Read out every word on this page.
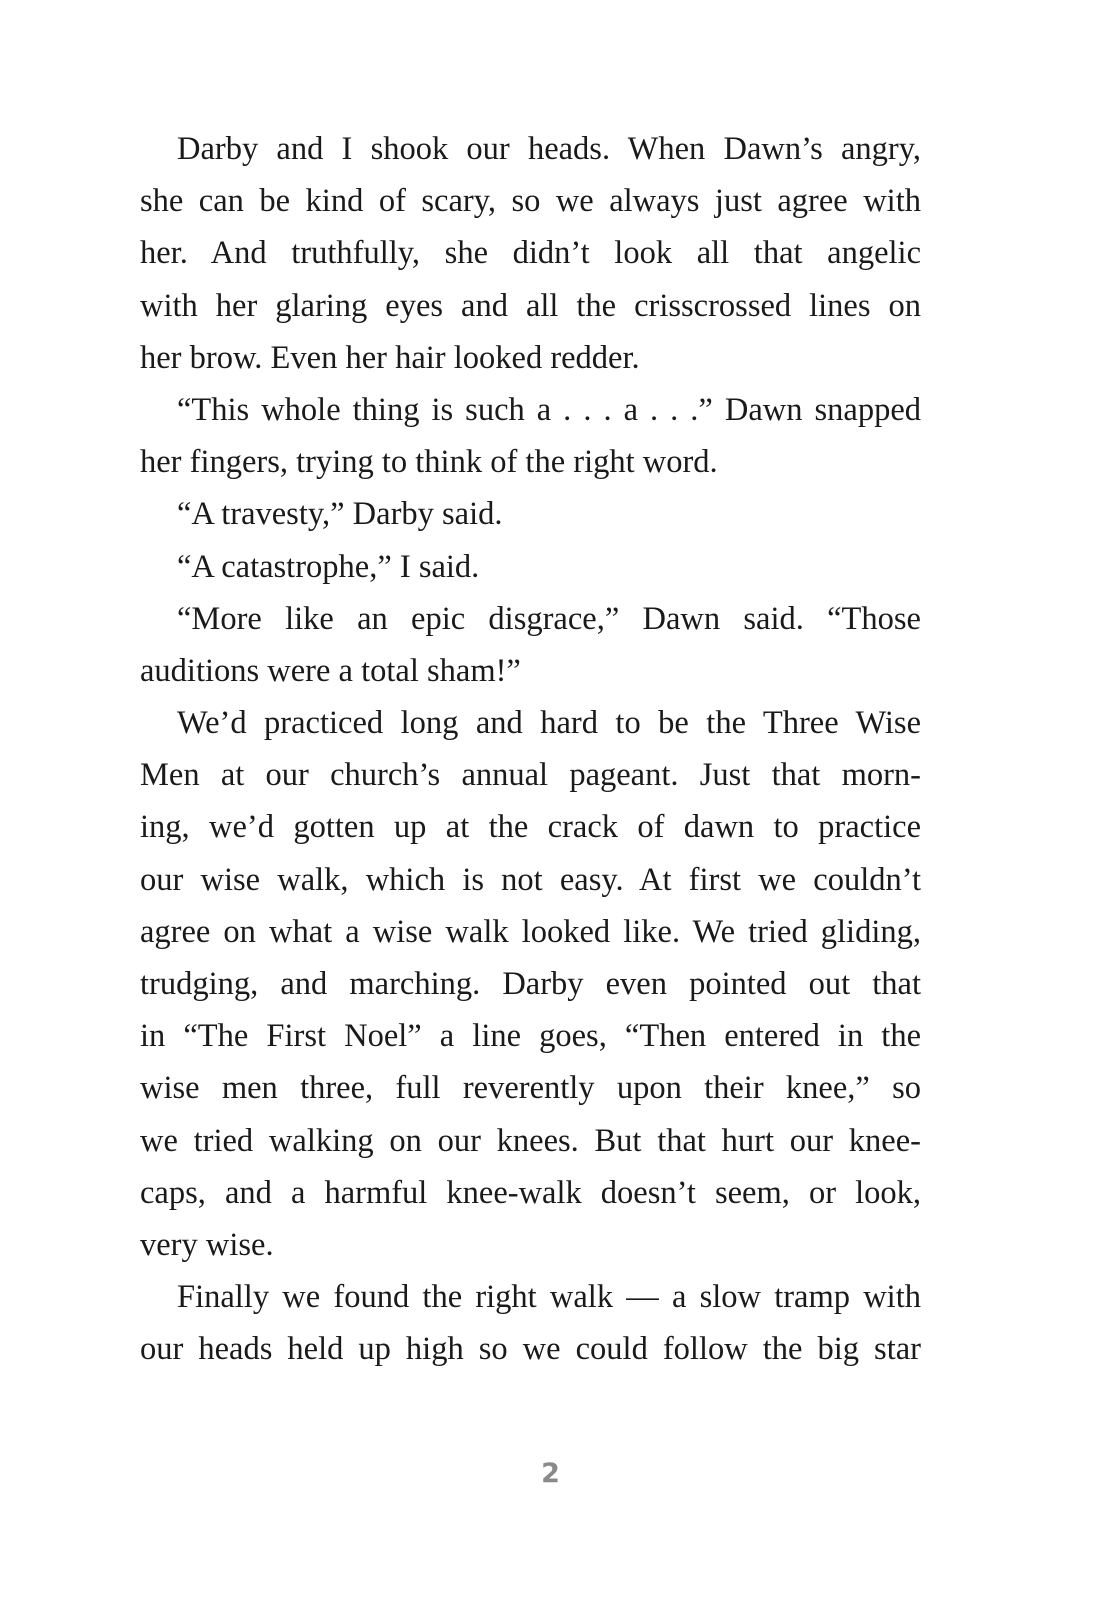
Darby and I shook our heads. When Dawn’s angry,
she can be kind of scary, so we always just agree with
her. And truthfully, she didn’t look all that angelic
with her glaring eyes and all the crisscrossed lines on
her brow. Even her hair looked redder.

“This whole thing is such a . . . a . . .” Dawn snapped
her fingers, trying to think of the right word.

“A travesty,” Darby said.

“A catastrophe,” I said.

“More like an epic disgrace,” Dawn said. “Those
auditions were a total sham!”

We’d practiced long and hard to be the Three Wise
Men at our church’s annual pageant. Just that morn-
ing, we’d gotten up at the crack of dawn to practice
our wise walk, which is not easy. At first we couldn’t
agree on what a wise walk looked like. We tried gliding,
trudging, and marching. Darby even pointed out that
in “The First Noel” a line goes, “Then entered in the
wise men three, full reverently upon their knee,” so
we tried walking on our knees. But that hurt our knee-
caps, and a harmful knee-walk doesn’t seem, or look,
very wise.

Finally we found the right walk — a slow tramp with
our heads held up high so we could follow the big star

2
